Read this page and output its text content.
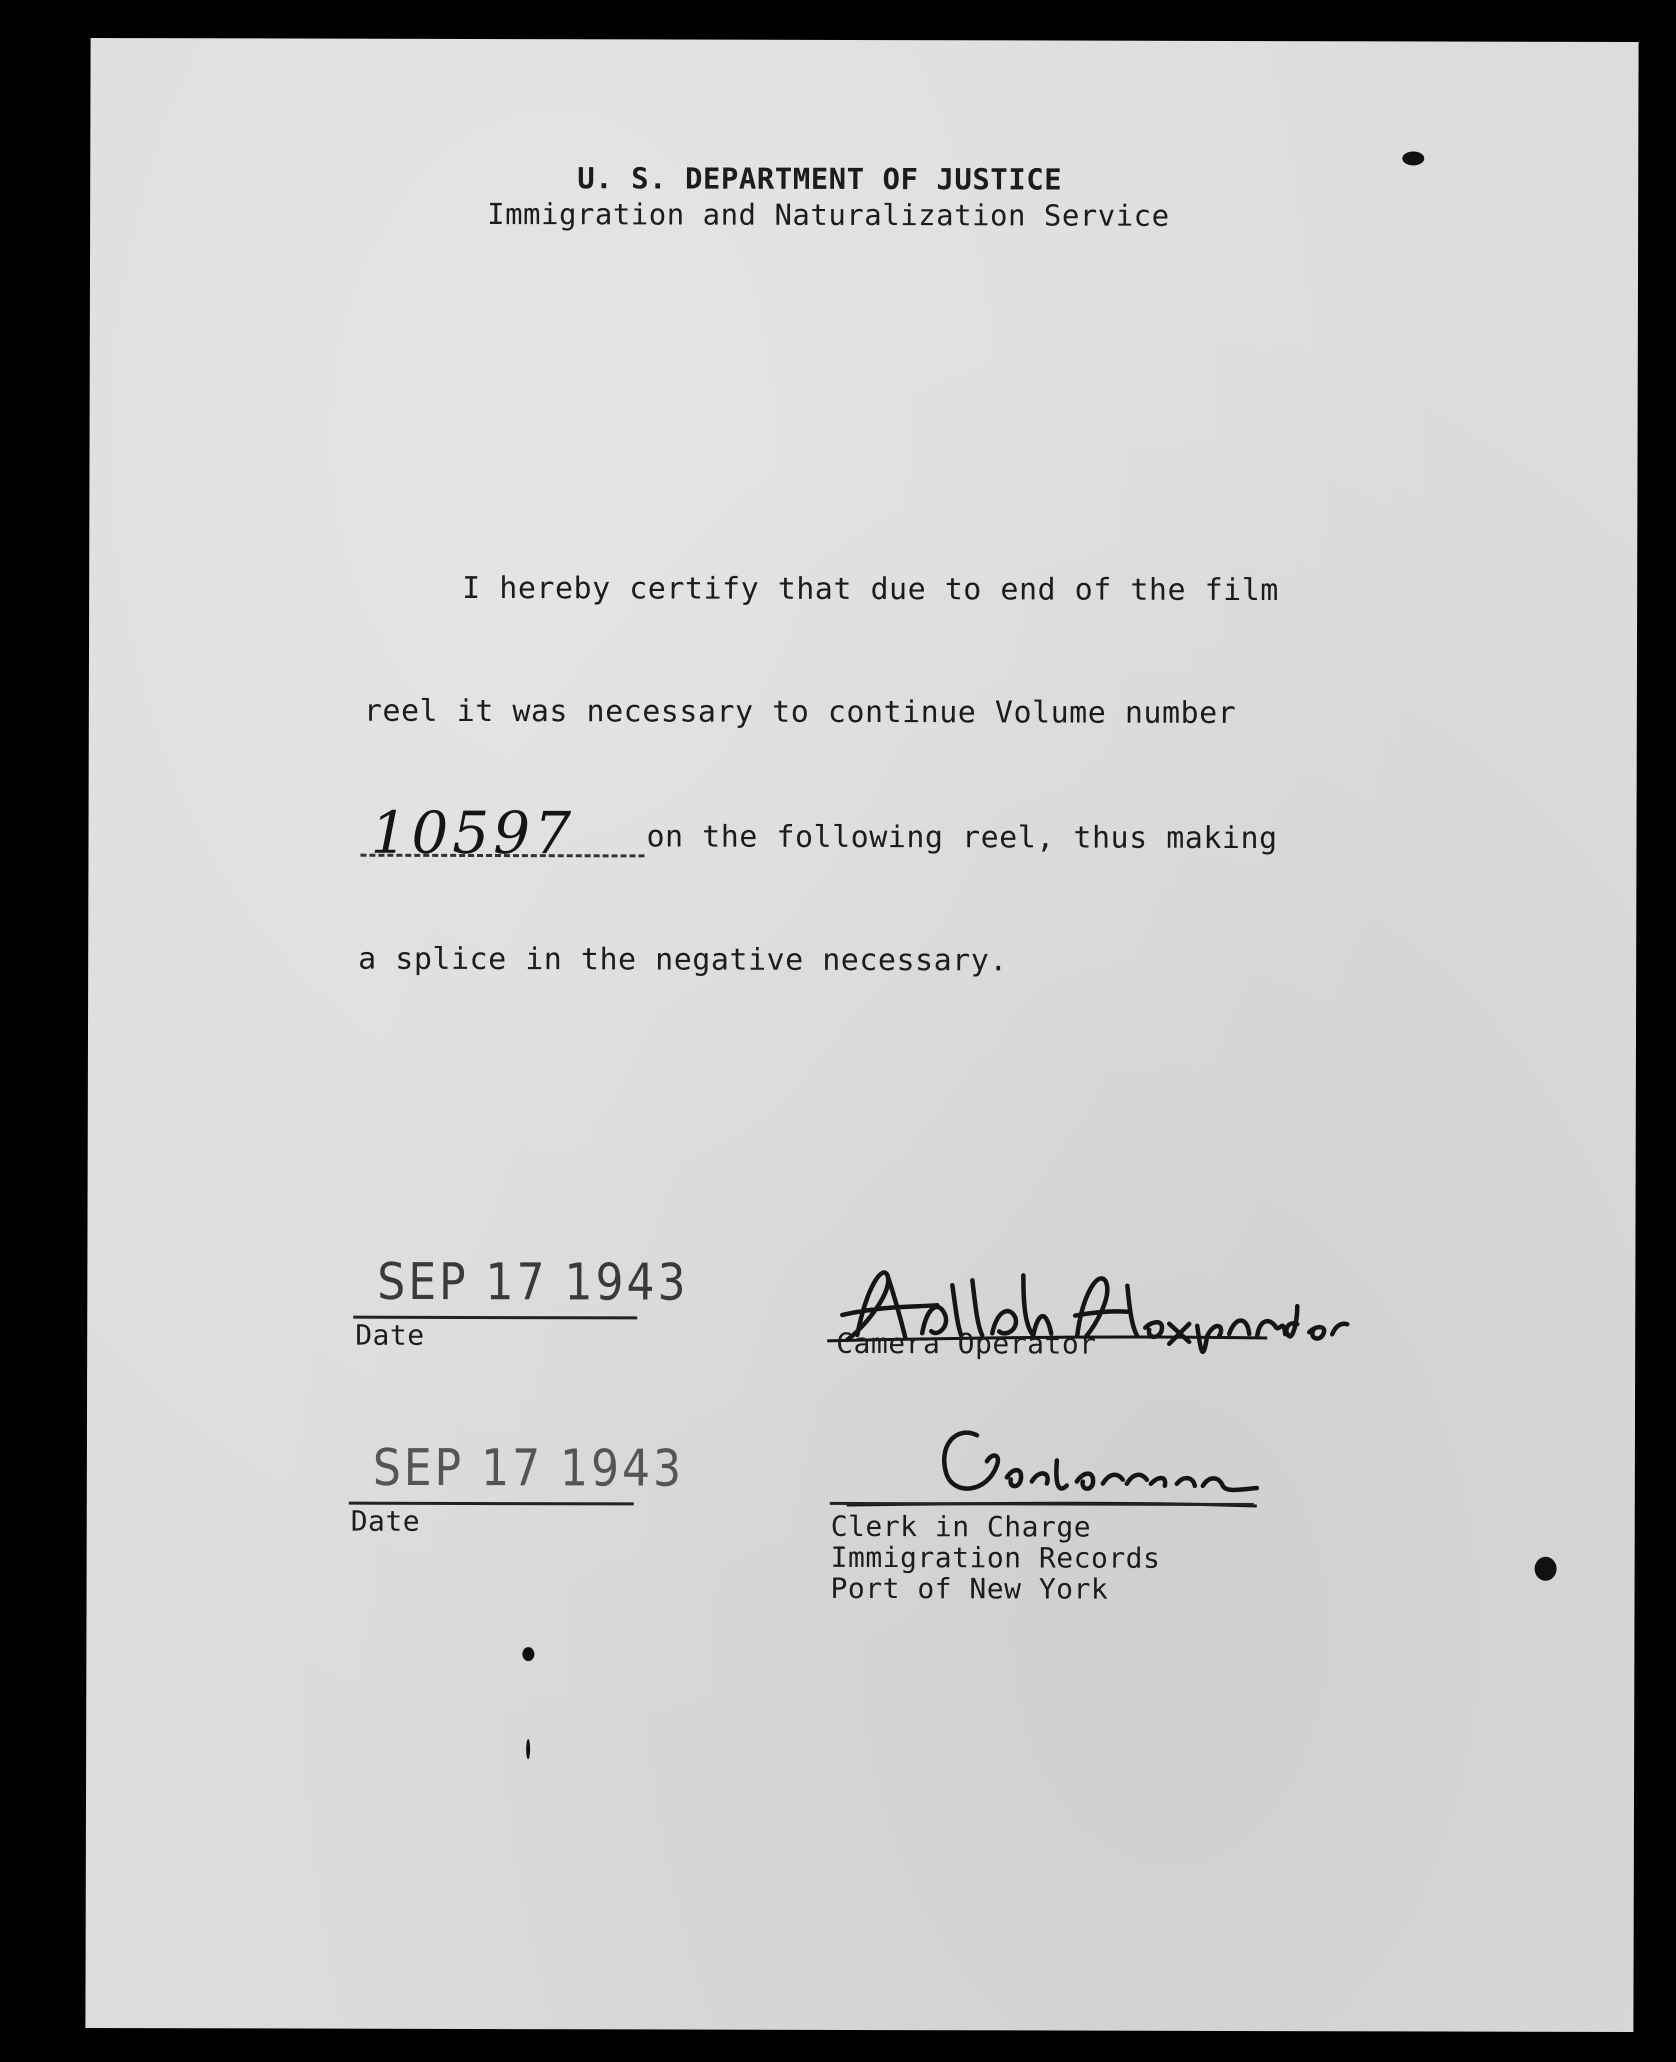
U. S. DEPARTMENT OF JUSTICE
Immigration and Naturalization Service
I hereby certify that due to end of the film
reel it was necessary to continue Volume number
10597 on the following reel, thus making
a splice in the negative necessary.
SEP 17 1943
Date	Camera Operator
SEP 17 1943
Date	Clerk in Charge
Immigration Records
Port of New York
